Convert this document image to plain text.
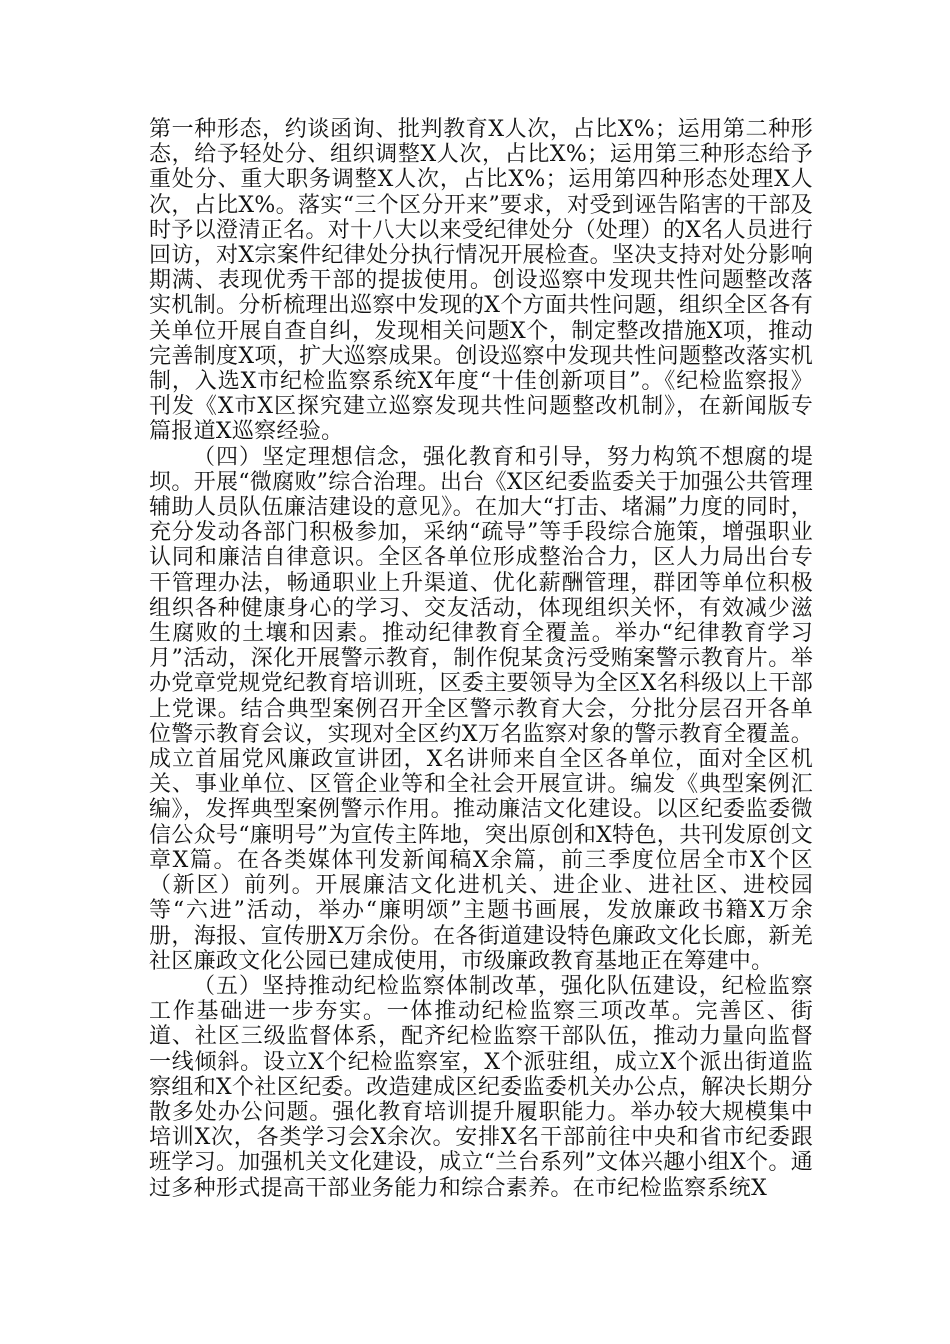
第一种形态，约谈函询、批判教育X人次，占比X%；运用第二种形态，给予轻处分、组织调整X人次，占比X%；运用第三种形态给予重处分、重大职务调整X人次，占比X%；运用第四种形态处理X人次，占比X%。落实“三个区分开来”要求，对受到诬告陷害的干部及时予以澄清正名。对十八大以来受纪律处分（处理）的X名人员进行回访，对X宗案件纪律处分执行情况开展检查。坚决支持对处分影响期满、表现优秀干部的提拔使用。创设巡察中发现共性问题整改落实机制。分析梳理出巡察中发现的X个方面共性问题，组织全区各有关单位开展自查自纠，发现相关问题X个，制定整改措施X项，推动完善制度X项，扩大巡察成果。创设巡察中发现共性问题整改落实机制，入选X市纪检监察系统X年度“十佳创新项目”。《纪检监察报》刊发《X市X区探究建立巡察发现共性问题整改机制》，在新闻版专篇报道X巡察经验。

（四）坚定理想信念，强化教育和引导，努力构筑不想腐的堤坝。开展“微腐败”综合治理。出台《X区纪委监委关于加强公共管理辅助人员队伍廉洁建设的意见》。在加大“打击、堵漏”力度的同时，充分发动各部门积极参加，采纳“疏导”等手段综合施策，增强职业认同和廉洁自律意识。全区各单位形成整治合力，区人力局出台专干管理办法，畅通职业上升渠道、优化薪酬管理，群团等单位积极组织各种健康身心的学习、交友活动，体现组织关怀，有效减少滋生腐败的土壤和因素。推动纪律教育全覆盖。举办“纪律教育学习月”活动，深化开展警示教育，制作倪某贪污受贿案警示教育片。举办党章党规党纪教育培训班，区委主要领导为全区X名科级以上干部上党课。结合典型案例召开全区警示教育大会，分批分层召开各单位警示教育会议，实现对全区约X万名监察对象的警示教育全覆盖。成立首届党风廉政宣讲团，X名讲师来自全区各单位，面对全区机关、事业单位、区管企业等和全社会开展宣讲。编发《典型案例汇编》，发挥典型案例警示作用。推动廉洁文化建设。以区纪委监委微信公众号“廉明号”为宣传主阵地，突出原创和X特色，共刊发原创文章X篇。在各类媒体刊发新闻稿X余篇，前三季度位居全市X个区（新区）前列。开展廉洁文化进机关、进企业、进社区、进校园等“六进”活动，举办“廉明颂”主题书画展，发放廉政书籍X万余册，海报、宣传册X万余份。在各街道建设特色廉政文化长廊，新羌社区廉政文化公园已建成使用，市级廉政教育基地正在筹建中。

（五）坚持推动纪检监察体制改革，强化队伍建设，纪检监察工作基础进一步夯实。一体推动纪检监察三项改革。完善区、街道、社区三级监督体系，配齐纪检监察干部队伍，推动力量向监督一线倾斜。设立X个纪检监察室，X个派驻组，成立X个派出街道监察组和X个社区纪委。改造建成区纪委监委机关办公点，解决长期分散多处办公问题。强化教育培训提升履职能力。举办较大规模集中培训X次，各类学习会X余次。安排X名干部前往中央和省市纪委跟班学习。加强机关文化建设，成立“兰台系列”文体兴趣小组X个。通过多种形式提高干部业务能力和综合素养。在市纪检监察系统X
